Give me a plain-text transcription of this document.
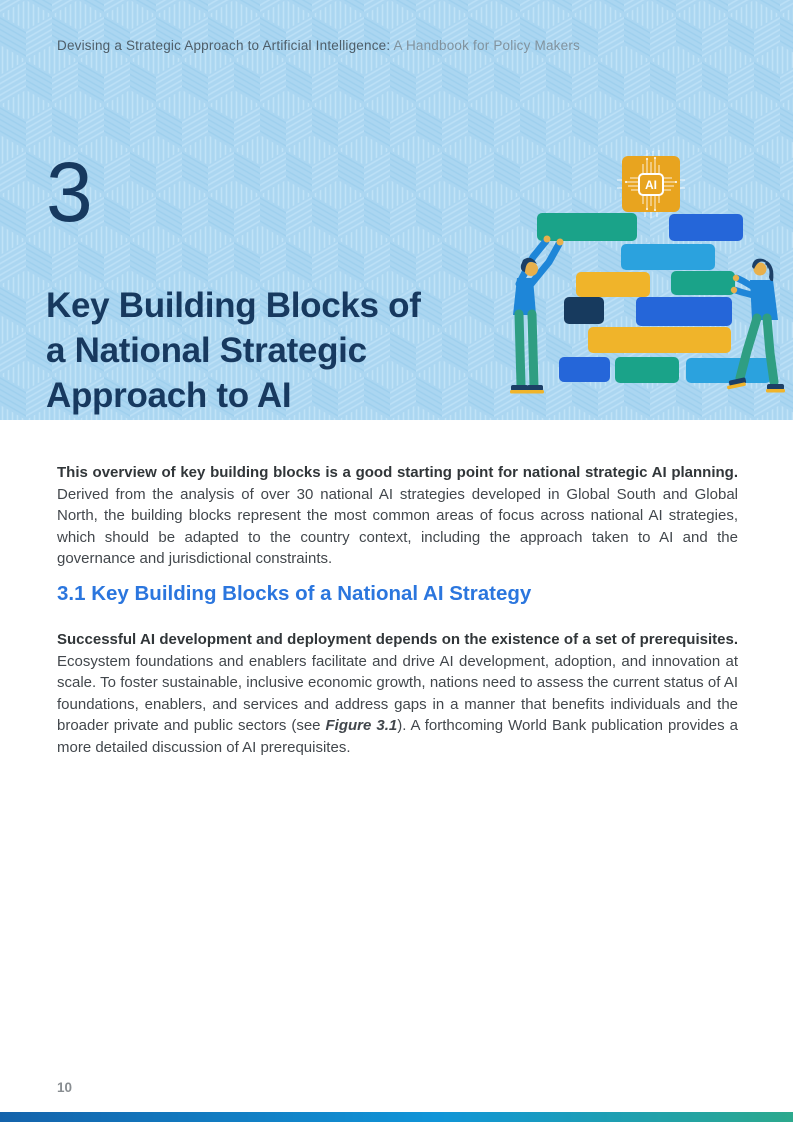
Devising a Strategic Approach to Artificial Intelligence: A Handbook for Policy Makers
3
Key Building Blocks of
a National Strategic
Approach to AI
AI

This overview of key building blocks is a good starting point for national strategic AI planning. Derived from the analysis of over 30 national AI strategies developed in Global South and Global North, the building blocks represent the most common areas of focus across national AI strategies, which should be adapted to the country context, including the approach taken to AI and the governance and jurisdictional constraints.

3.1 Key Building Blocks of a National AI Strategy

Successful AI development and deployment depends on the existence of a set of prerequisites. Ecosystem foundations and enablers facilitate and drive AI development, adoption, and innovation at scale. To foster sustainable, inclusive economic growth, nations need to assess the current status of AI foundations, enablers, and services and address gaps in a manner that benefits individuals and the broader private and public sectors (see Figure 3.1). A forthcoming World Bank publication provides a more detailed discussion of AI prerequisites.

10
